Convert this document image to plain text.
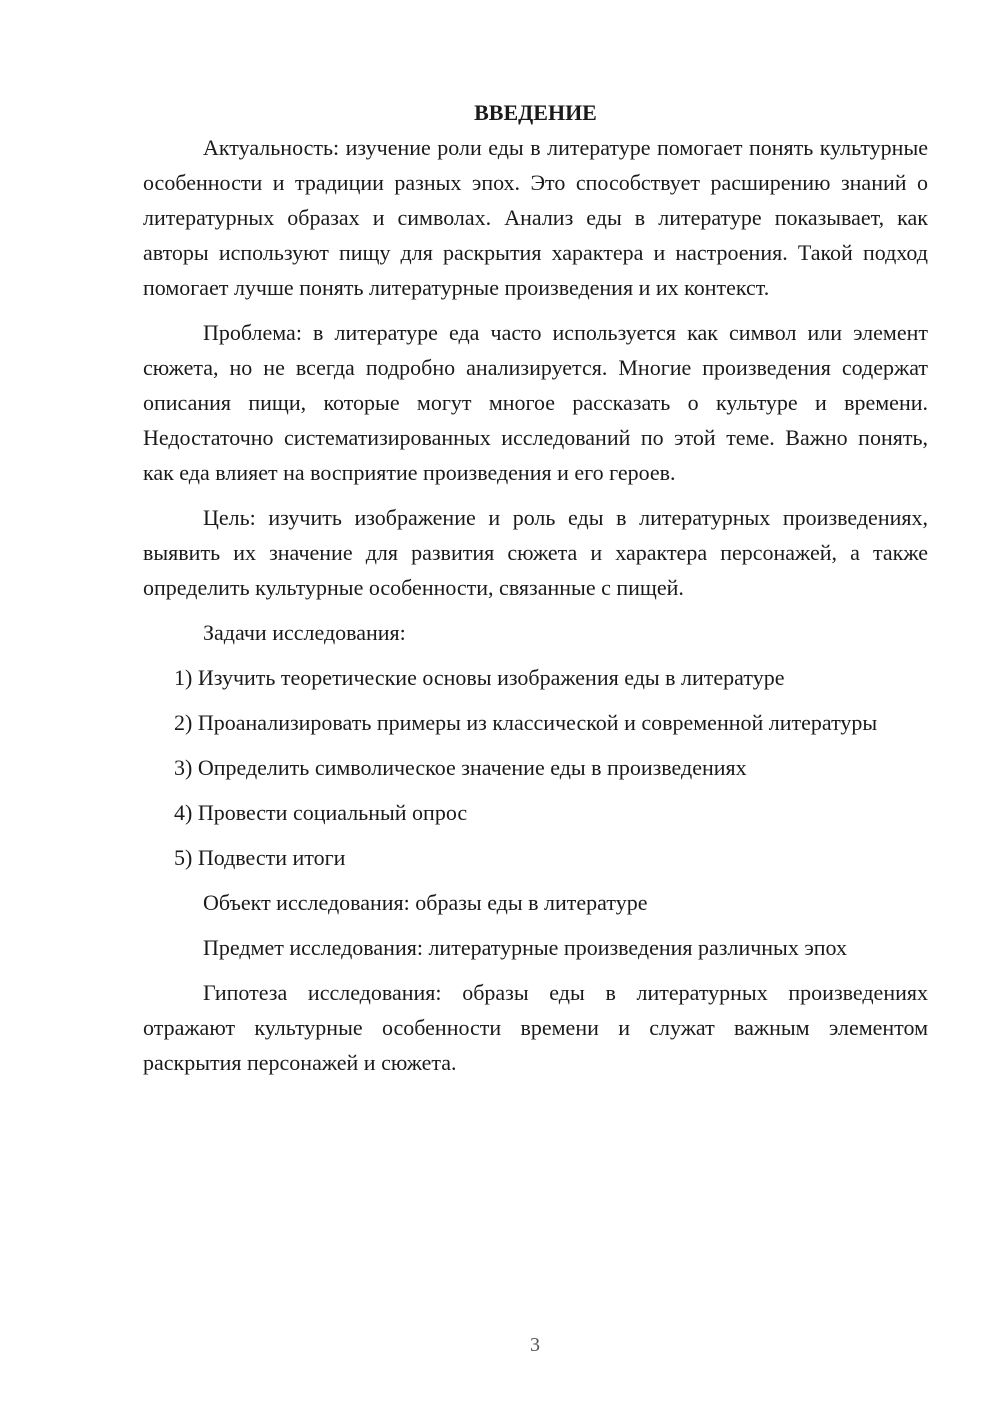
ВВЕДЕНИЕ

Актуальность: изучение роли еды в литературе помогает понять культурные особенности и традиции разных эпох. Это способствует расширению знаний о литературных образах и символах. Анализ еды в литературе показывает, как авторы используют пищу для раскрытия характера и настроения. Такой подход помогает лучше понять литературные произведения и их контекст.

Проблема: в литературе еда часто используется как символ или элемент сюжета, но не всегда подробно анализируется. Многие произведения содержат описания пищи, которые могут многое рассказать о культуре и времени. Недостаточно систематизированных исследований по этой теме. Важно понять, как еда влияет на восприятие произведения и его героев.

Цель: изучить изображение и роль еды в литературных произведениях, выявить их значение для развития сюжета и характера персонажей, а также определить культурные особенности, связанные с пищей.

Задачи исследования:

1) Изучить теоретические основы изображения еды в литературе

2) Проанализировать примеры из классической и современной литературы

3) Определить символическое значение еды в произведениях

4) Провести социальный опрос

5) Подвести итоги

Объект исследования: образы еды в литературе

Предмет исследования: литературные произведения различных эпох

Гипотеза исследования: образы еды в литературных произведениях отражают культурные особенности времени и служат важным элементом раскрытия персонажей и сюжета.

3
